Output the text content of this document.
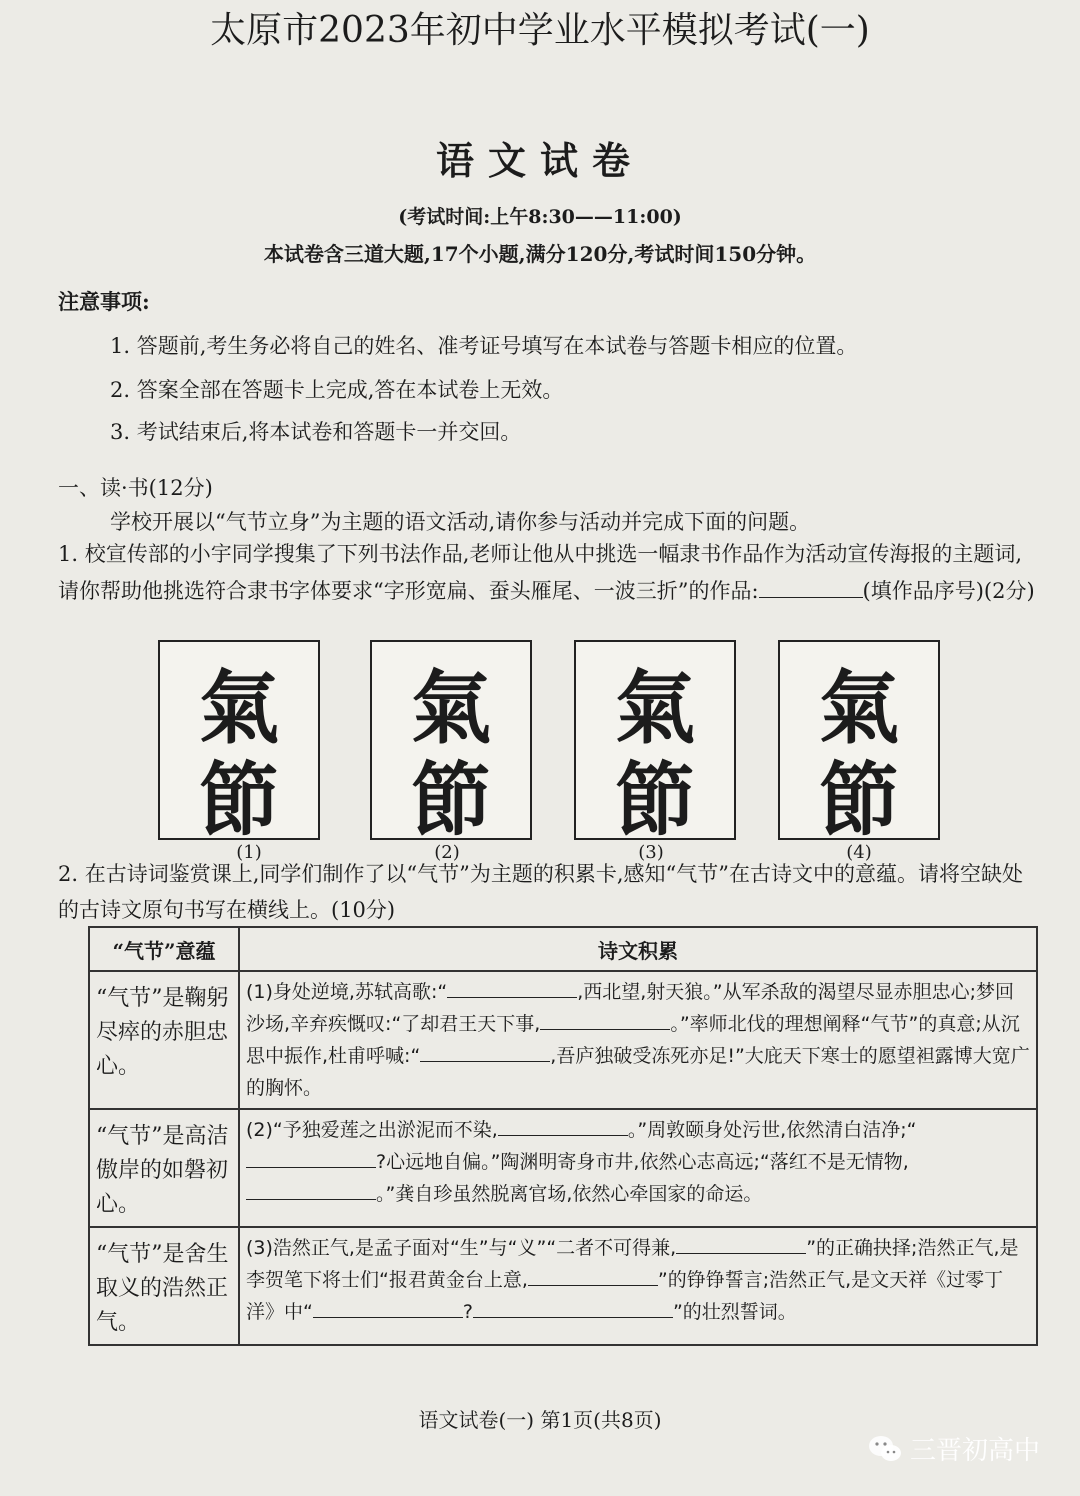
太原市2023年初中学业水平模拟考试(一)
语文试卷
(考试时间:上午8:30——11:00)
本试卷含三道大题,17个小题,满分120分,考试时间150分钟。
注意事项:
1. 答题前,考生务必将自己的姓名、准考证号填写在本试卷与答题卡相应的位置。
2. 答案全部在答题卡上完成,答在本试卷上无效。
3. 考试结束后,将本试卷和答题卡一并交回。
一、读·书(12分)
学校开展以“气节立身”为主题的语文活动,请你参与活动并完成下面的问题。
1. 校宣传部的小宇同学搜集了下列书法作品,老师让他从中挑选一幅隶书作品作为活动宣传海报的主题词,请你帮助他挑选符合隶书字体要求“字形宽扁、蚕头雁尾、一波三折”的作品:	(填作品序号)(2分)
氣
節
氣
節
氣
節
氣
節
(1)	(2)	(3)	(4)
2. 在古诗词鉴赏课上,同学们制作了以“气节”为主题的积累卡,感知“气节”在古诗文中的意蕴。请将空缺处的古诗文原句书写在横线上。(10分)
“气节”意蕴	诗文积累
“气节”是鞠躬尽瘁的赤胆忠心。	(1)身处逆境,苏轼高歌:“ ,西北望,射天狼。”从军杀敌的渴望尽显赤胆忠心;梦回沙场,辛弃疾慨叹:“了却君王天下事, 。”率师北伐的理想阐释“气节”的真意;从沉思中振作,杜甫呼喊:“ ,吾庐独破受冻死亦足!”大庇天下寒士的愿望袒露博大宽广的胸怀。
“气节”是高洁傲岸的如磐初心。	(2)“予独爱莲之出淤泥而不染, 。”周敦颐身处污世,依然清白洁净;“?心远地自偏。”陶渊明寄身市井,依然心志高远;“落红不是无情物,。”龚自珍虽然脱离官场,依然心牵国家的命运。
“气节”是舍生取义的浩然正气。	(3)浩然正气,是孟子面对“生”与“义”“二者不可得兼, ”的正确抉择;浩然正气,是李贺笔下将士们“报君黄金台上意, ”的铮铮誓言;浩然正气,是文天祥《过零丁洋》中“ ? ”的壮烈誓词。
语文试卷(一) 第1页(共8页)
三晋初高中
